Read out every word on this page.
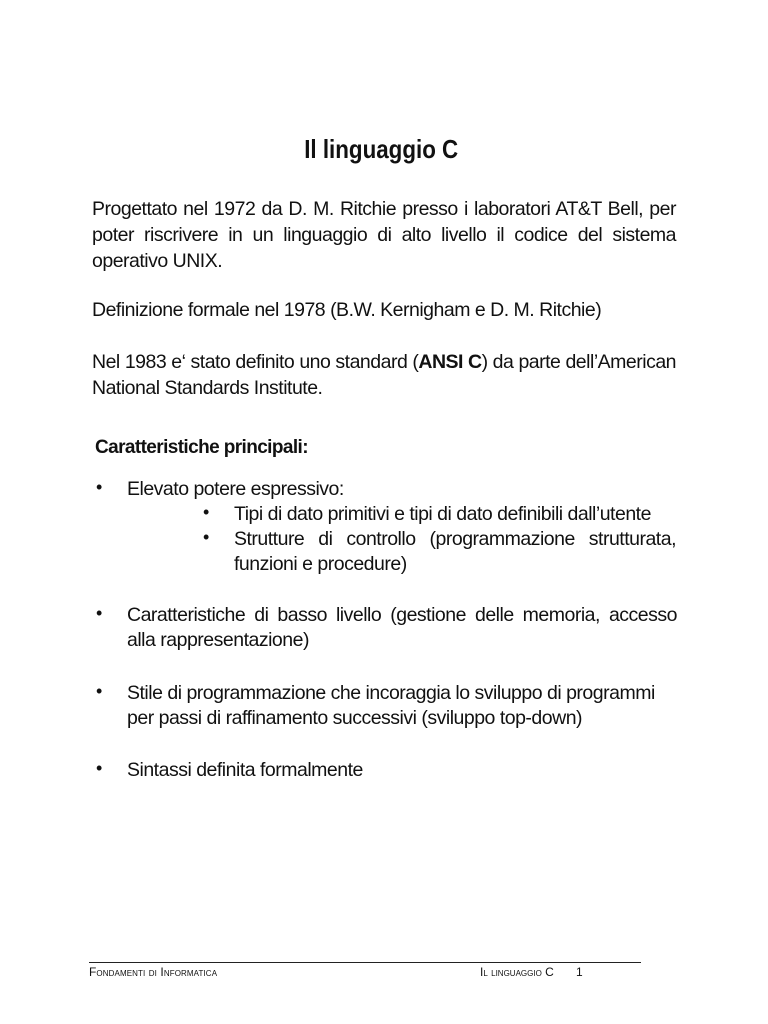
Il linguaggio C
Progettato nel 1972 da D. M. Ritchie presso i laboratori AT&T Bell, per poter riscrivere in un linguaggio di alto livello il codice del sistema operativo UNIX.
Definizione formale nel 1978 (B.W. Kernigham e D. M. Ritchie)
Nel 1983 e‘ stato definito uno standard (ANSI C) da parte dell’American National Standards Institute.
Caratteristiche principali:
• Elevato potere espressivo:
• Tipi di dato primitivi e tipi di dato definibili dall’utente
• Strutture di controllo (programmazione strutturata, funzioni e procedure)
• Caratteristiche di basso livello (gestione delle memoria, accesso alla rappresentazione)
• Stile di programmazione che incoraggia lo sviluppo di programmi per passi di raffinamento successivi (sviluppo top-down)
• Sintassi definita formalmente
Fondamenti di Informatica	Il linguaggio C 1
